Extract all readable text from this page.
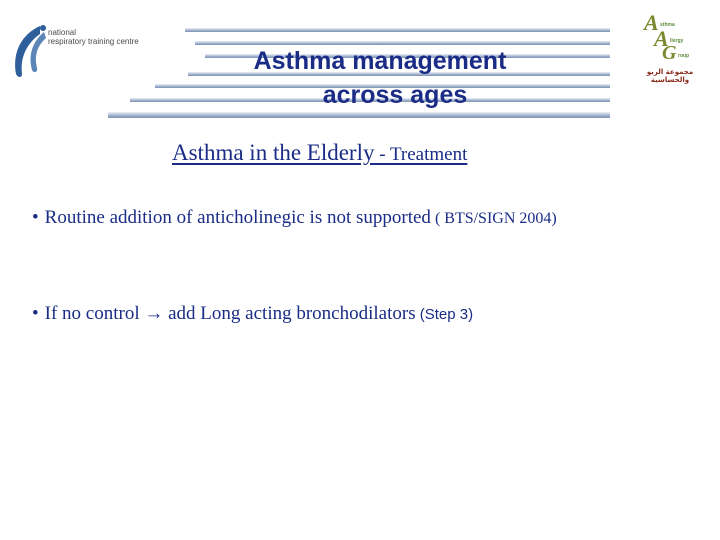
national
respiratory training centre
A sthma
A llergy
G roup
مجموعة الربو والحساسية
Asthma management
across ages
Asthma in the Elderly - Treatment
• Routine addition of anticholinegic is not supported ( BTS/SIGN 2004)
• If no control → add Long acting bronchodilators (Step 3)
